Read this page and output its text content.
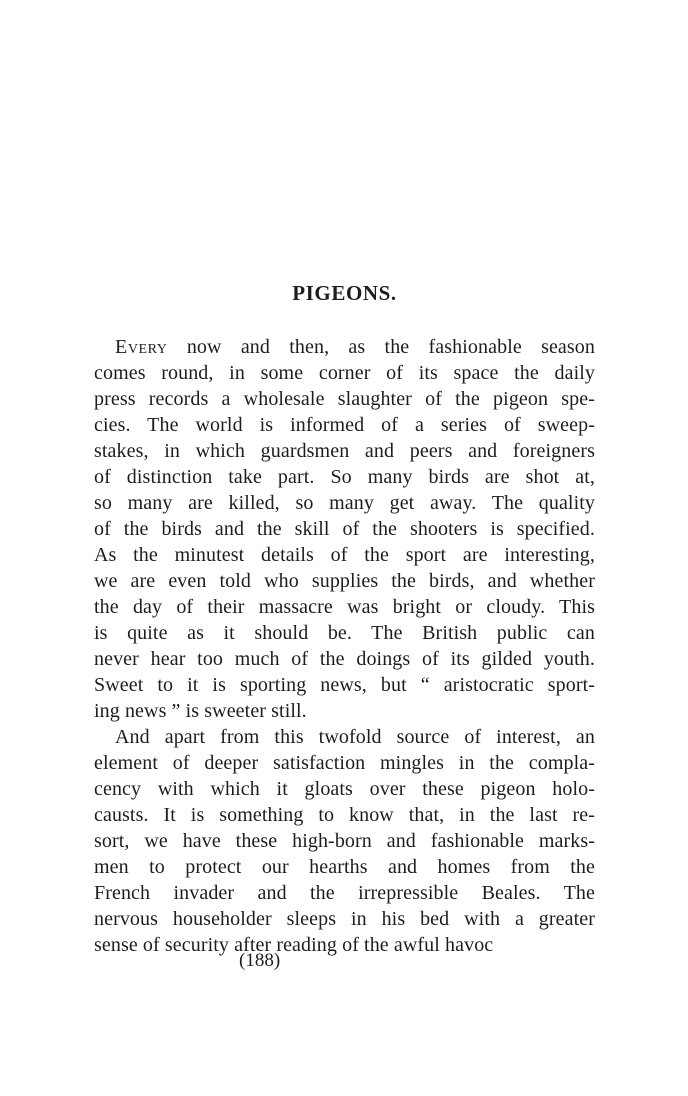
PIGEONS.
Every now and then, as the fashionable season
comes round, in some corner of its space the daily
press records a wholesale slaughter of the pigeon spe-
cies. The world is informed of a series of sweep-
stakes, in which guardsmen and peers and foreigners
of distinction take part. So many birds are shot at,
so many are killed, so many get away. The quality
of the birds and the skill of the shooters is specified.
As the minutest details of the sport are interesting,
we are even told who supplies the birds, and whether
the day of their massacre was bright or cloudy. This
is quite as it should be. The British public can
never hear too much of the doings of its gilded youth.
Sweet to it is sporting news, but “ aristocratic sport-
ing news ” is sweeter still.
And apart from this twofold source of interest, an
element of deeper satisfaction mingles in the compla-
cency with which it gloats over these pigeon holo-
causts. It is something to know that, in the last re-
sort, we have these high-born and fashionable marks-
men to protect our hearths and homes from the
French invader and the irrepressible Beales. The
nervous householder sleeps in his bed with a greater
sense of security after reading of the awful havoc
(188)
